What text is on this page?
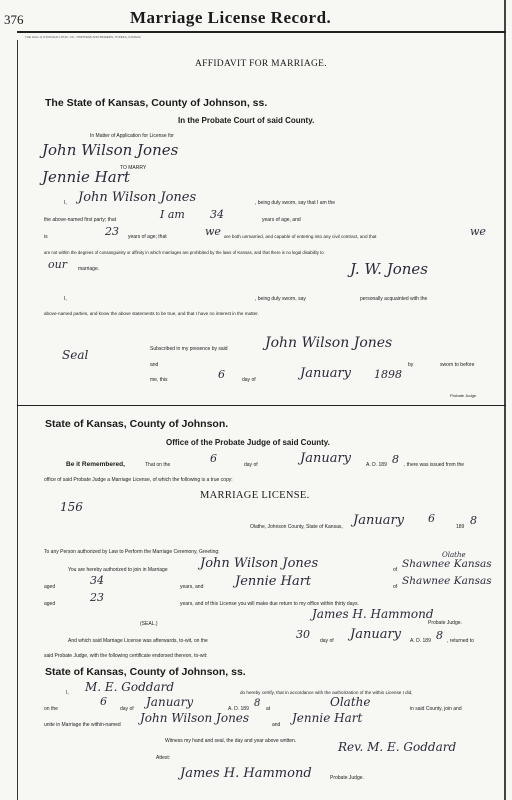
376	Marriage License Record.
THE HALL & O'DONALD LITHO. CO., PRINTERS AND BINDERS, TOPEKA, KANSAS.
AFFIDAVIT FOR MARRIAGE.
The State of Kansas, County of Johnson, ss.
In the Probate Court of said County.
In Matter of Application for License for
John Wilson Jones
TO MARRY
Jennie Hart
I, John Wilson Jones	, being duly sworn, say that I am the
the above-named first party; that	I am 34	years of age, and
is	23 years of age; that	we are both unmarried, and capable of entering into any civil contract, and that	we
are not within the degrees of consanguinity or affinity in which marriages are prohibited by the laws of Kansas, and that there is no legal disability to
our marriage.	J. W. Jones
I,	, being duly sworn, say	personally acquainted with the
above-named parties, and know the above statements to be true, and that I have no interest in the matter.
Seal	Subscribed in my presence by said	John Wilson Jones
and	by	sworn to before
me, this	6	day of	January 1898
Probate Judge.
State of Kansas, County of Johnson.
Office of the Probate Judge of said County.
Be it Remembered,	That on the	6	day of	January	A. D. 189 8 , there was issued from the
office of said Probate Judge a Marriage License, of which the following is a true copy:
156
MARRIAGE LICENSE.
Olathe, Johnson County, State of Kansas, January 6
189 8
To any Person authorized by Law to Perform the Marriage Ceremony, Greeting:
You are hereby authorized to join in Marriage John Wilson Jones
Olathe
of Shawnee Kansas
aged	34	years, and Jennie Hart	of Shawnee Kansas
aged	23	years, and of this License you will make due return to my office within thirty days.
(SEAL.)
James H. Hammond
Probate Judge.
And which said Marriage License was afterwards, to-wit, on the	30 day of January A. D. 189 8 , returned to
said Probate Judge, with the following certificate endorsed thereon, to-wit:
State of Kansas, County of Johnson, ss.
I, M. E. Goddard	do hereby certify, that in accordance with the authorization of the within License I did,
on the
6
day of January	A. D. 189 8 at	Olathe	in said County, join and
unite in Marriage the within-named John Wilson Jones	and Jennie Hart
Witness my hand and seal, the day and year above written.
Attest:
Rev. M. E. Goddard
James H. Hammond	Probate Judge.
